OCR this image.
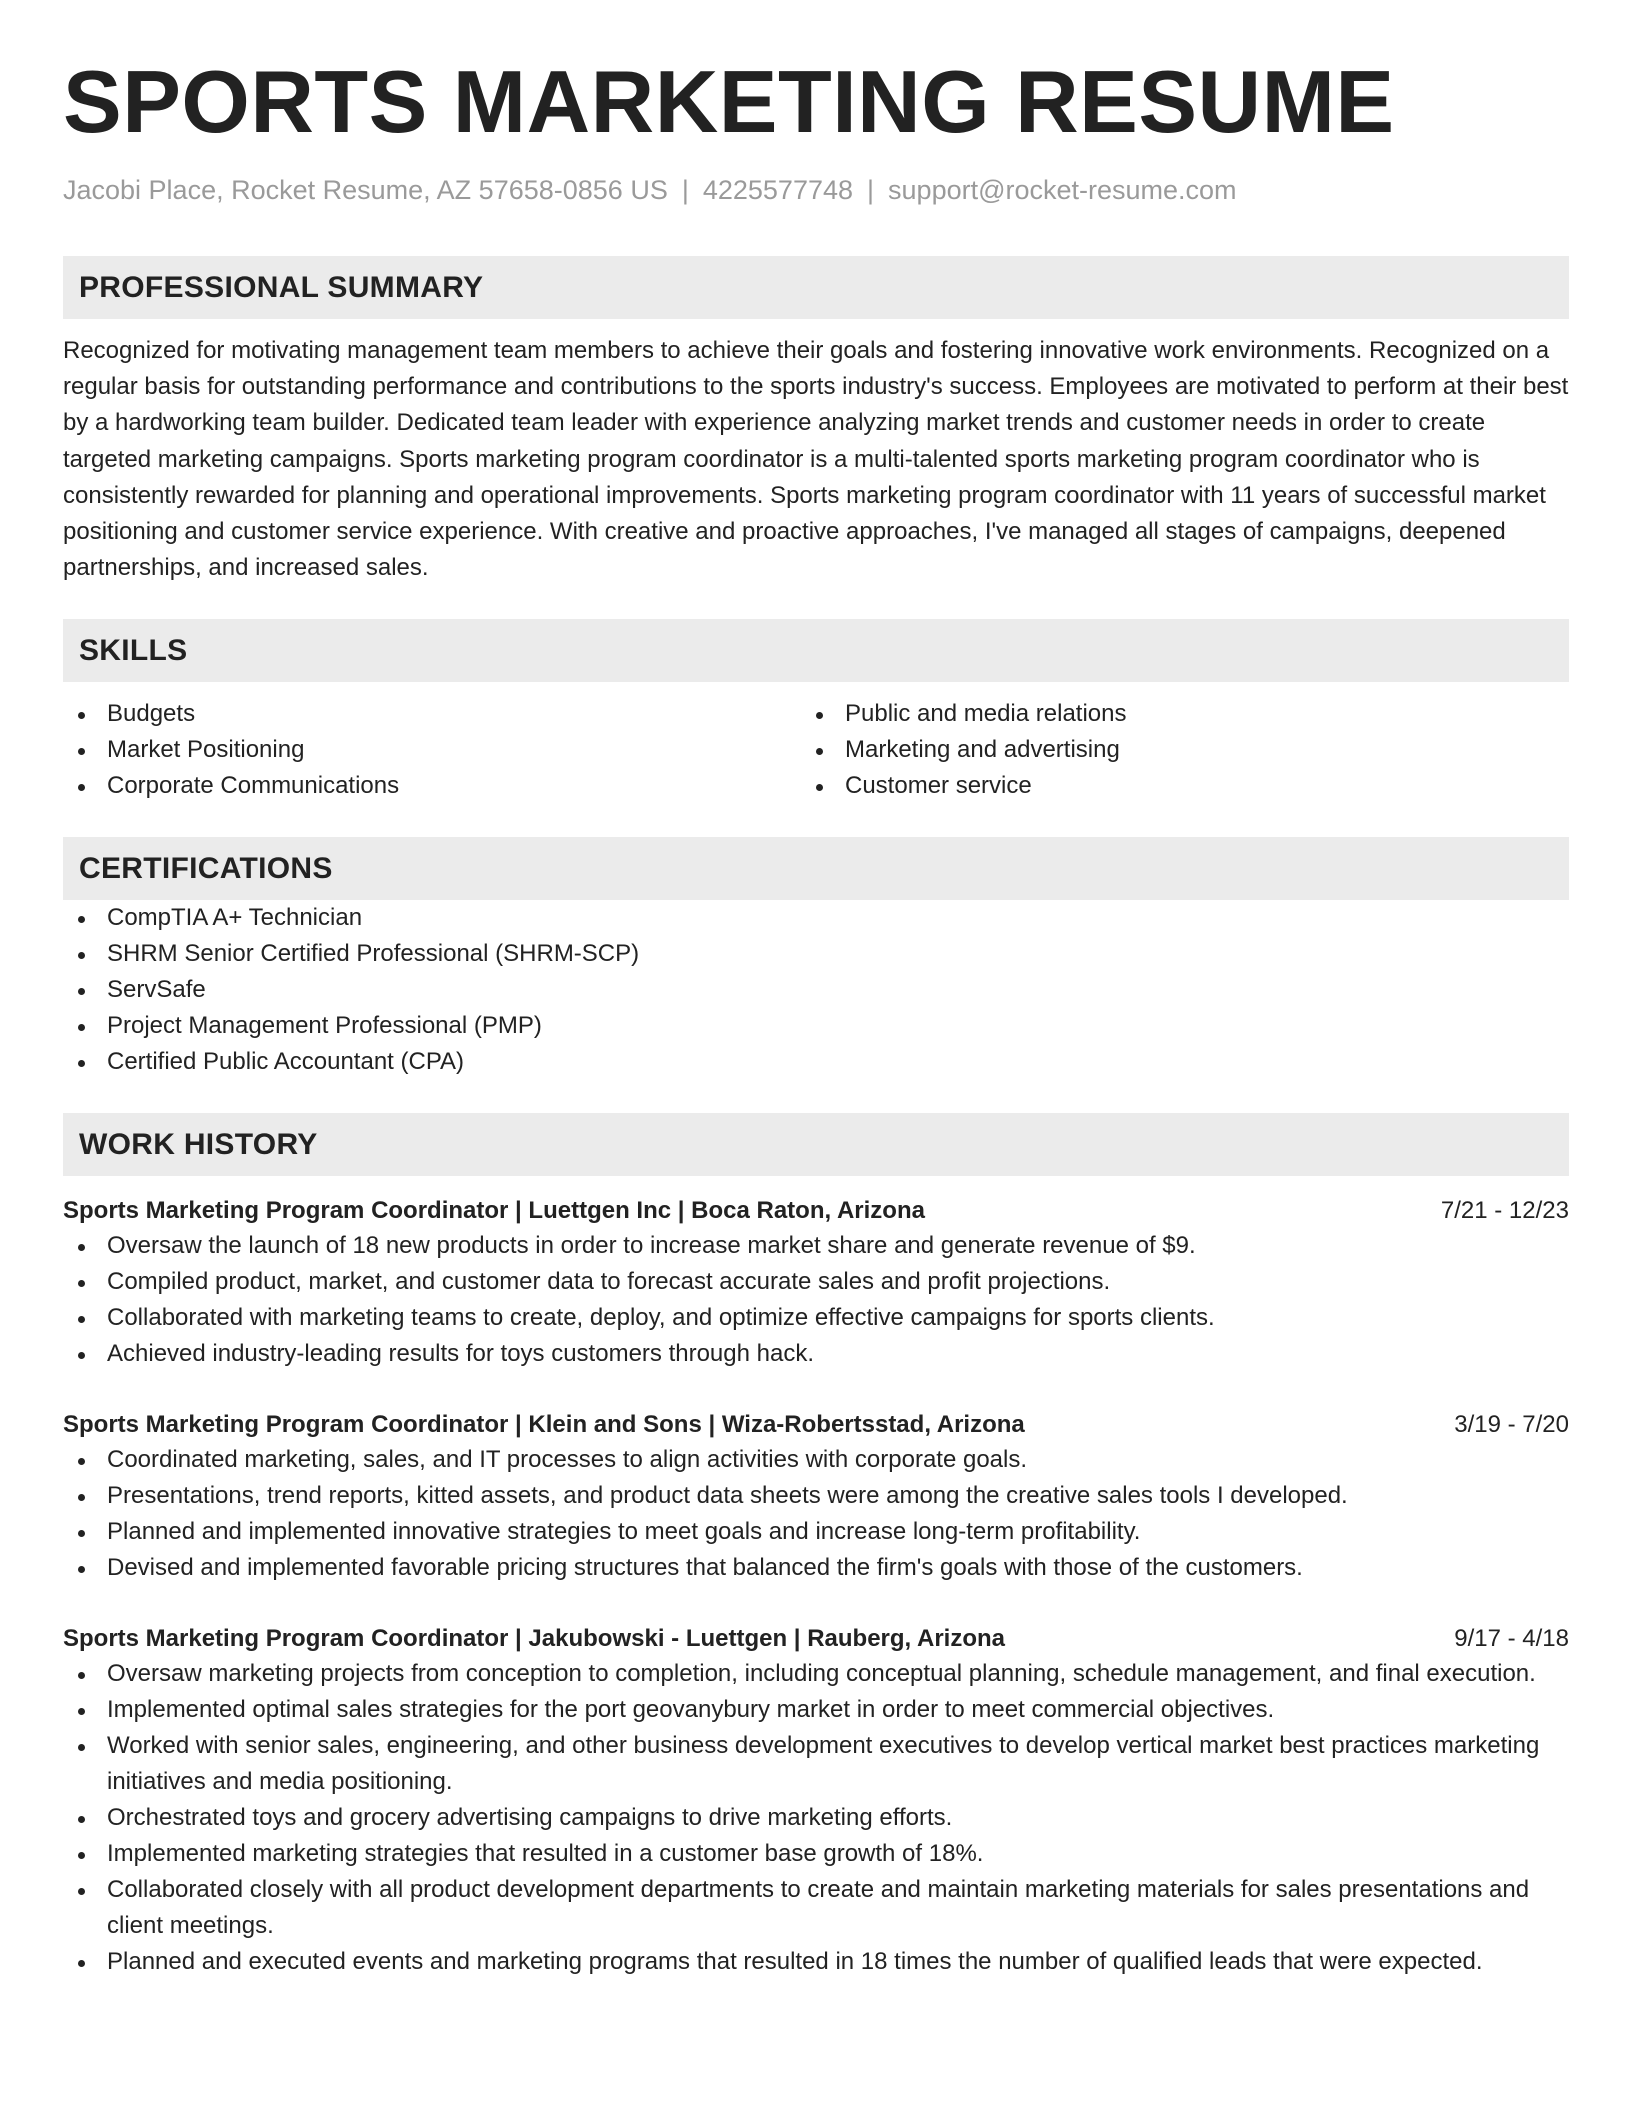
SPORTS MARKETING RESUME
Jacobi Place, Rocket Resume, AZ 57658-0856 US | 4225577748 | support@rocket-resume.com
PROFESSIONAL SUMMARY
Recognized for motivating management team members to achieve their goals and fostering innovative work environments. Recognized on a regular basis for outstanding performance and contributions to the sports industry's success. Employees are motivated to perform at their best by a hardworking team builder. Dedicated team leader with experience analyzing market trends and customer needs in order to create targeted marketing campaigns. Sports marketing program coordinator is a multi-talented sports marketing program coordinator who is consistently rewarded for planning and operational improvements. Sports marketing program coordinator with 11 years of successful market positioning and customer service experience. With creative and proactive approaches, I've managed all stages of campaigns, deepened partnerships, and increased sales.
SKILLS
Budgets
Market Positioning
Corporate Communications
Public and media relations
Marketing and advertising
Customer service
CERTIFICATIONS
CompTIA A+ Technician
SHRM Senior Certified Professional (SHRM-SCP)
ServSafe
Project Management Professional (PMP)
Certified Public Accountant (CPA)
WORK HISTORY
Sports Marketing Program Coordinator | Luettgen Inc | Boca Raton, Arizona	7/21 - 12/23
Oversaw the launch of 18 new products in order to increase market share and generate revenue of $9.
Compiled product, market, and customer data to forecast accurate sales and profit projections.
Collaborated with marketing teams to create, deploy, and optimize effective campaigns for sports clients.
Achieved industry-leading results for toys customers through hack.
Sports Marketing Program Coordinator | Klein and Sons | Wiza-Robertsstad, Arizona	3/19 - 7/20
Coordinated marketing, sales, and IT processes to align activities with corporate goals.
Presentations, trend reports, kitted assets, and product data sheets were among the creative sales tools I developed.
Planned and implemented innovative strategies to meet goals and increase long-term profitability.
Devised and implemented favorable pricing structures that balanced the firm's goals with those of the customers.
Sports Marketing Program Coordinator | Jakubowski - Luettgen | Rauberg, Arizona	9/17 - 4/18
Oversaw marketing projects from conception to completion, including conceptual planning, schedule management, and final execution.
Implemented optimal sales strategies for the port geovanybury market in order to meet commercial objectives.
Worked with senior sales, engineering, and other business development executives to develop vertical market best practices marketing initiatives and media positioning.
Orchestrated toys and grocery advertising campaigns to drive marketing efforts.
Implemented marketing strategies that resulted in a customer base growth of 18%.
Collaborated closely with all product development departments to create and maintain marketing materials for sales presentations and client meetings.
Planned and executed events and marketing programs that resulted in 18 times the number of qualified leads that were expected.
